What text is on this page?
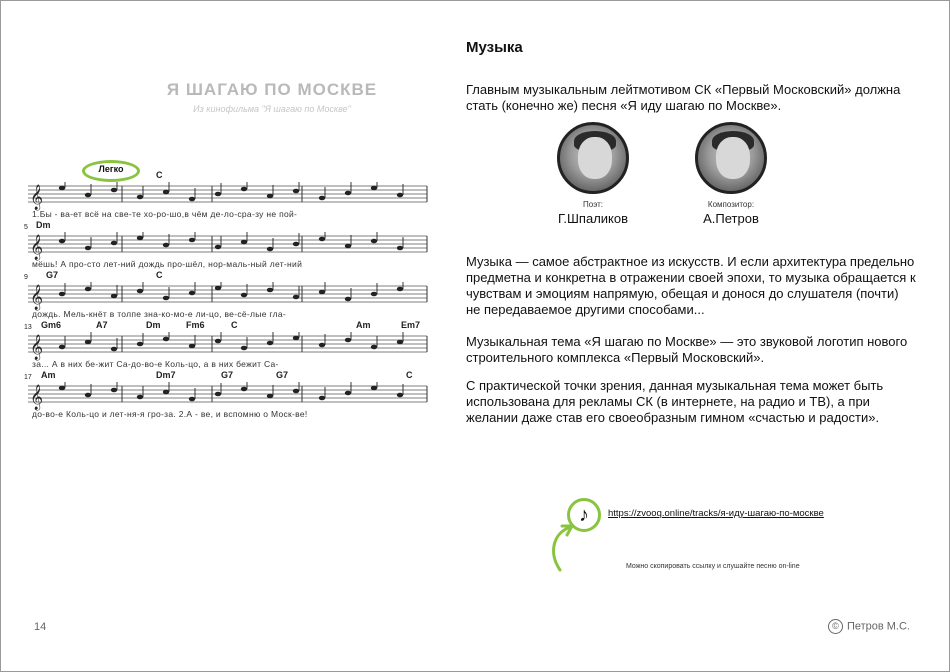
Я ШАГАЮ ПО МОСКВЕ
Из кинофильма "Я шагаю по Москве"
Легко
𝄞
C
1.Бы - ва-ет всё на све-те хо-ро-шо,в чём де-ло-сра-зу не пой-
𝄞
Dm
5
мёшь! А про-сто лет-ний дождь про-шёл, нор-маль-ный лет-ний
𝄞
G7	C
9
дождь. Мель-кнёт в толпе зна-ко-мо-е ли-цо, ве-сё-лые гла-
𝄞
Gm6	A7	Dm	Fm6	C	Am	Em7
13
за... А в них бе-жит Са-до-во-е Коль-цо, а в них бежит Са-
𝄞
Am	Dm7	G7	G7	C
17
до-во-е Коль-цо и лет-ня-я гро-за. 2.А - ве, и вспомню о Моск-ве!
Музыка
Главным музыкальным лейтмотивом СК «Первый Московский» должна стать (конечно же) песня «Я иду шагаю по Москве».
Поэт:
Г.Шпаликов
Композитор:
А.Петров
Музыка — самое абстрактное из искусств. И если архитектура предельно предметна и конкретна в отражении своей эпохи, то музыка обращается к чувствам и эмоциям напрямую, обещая и донося до слушателя (почти) не передаваемое другими способами...
Музыкальная тема «Я шагаю по Москве» — это звуковой логотип нового строительного комплекса «Первый Московский».
С практической точки зрения, данная музыкальная тема может быть использована для рекламы СК (в интернете, на радио и ТВ), а при желании даже став его своеобразным гимном «счастью и радости».
♪	https://zvooq.online/tracks/я-иду-шагаю-по-москве
Можно скопировать ссылку и слушайте песню on-line
14	© Петров М.С.
